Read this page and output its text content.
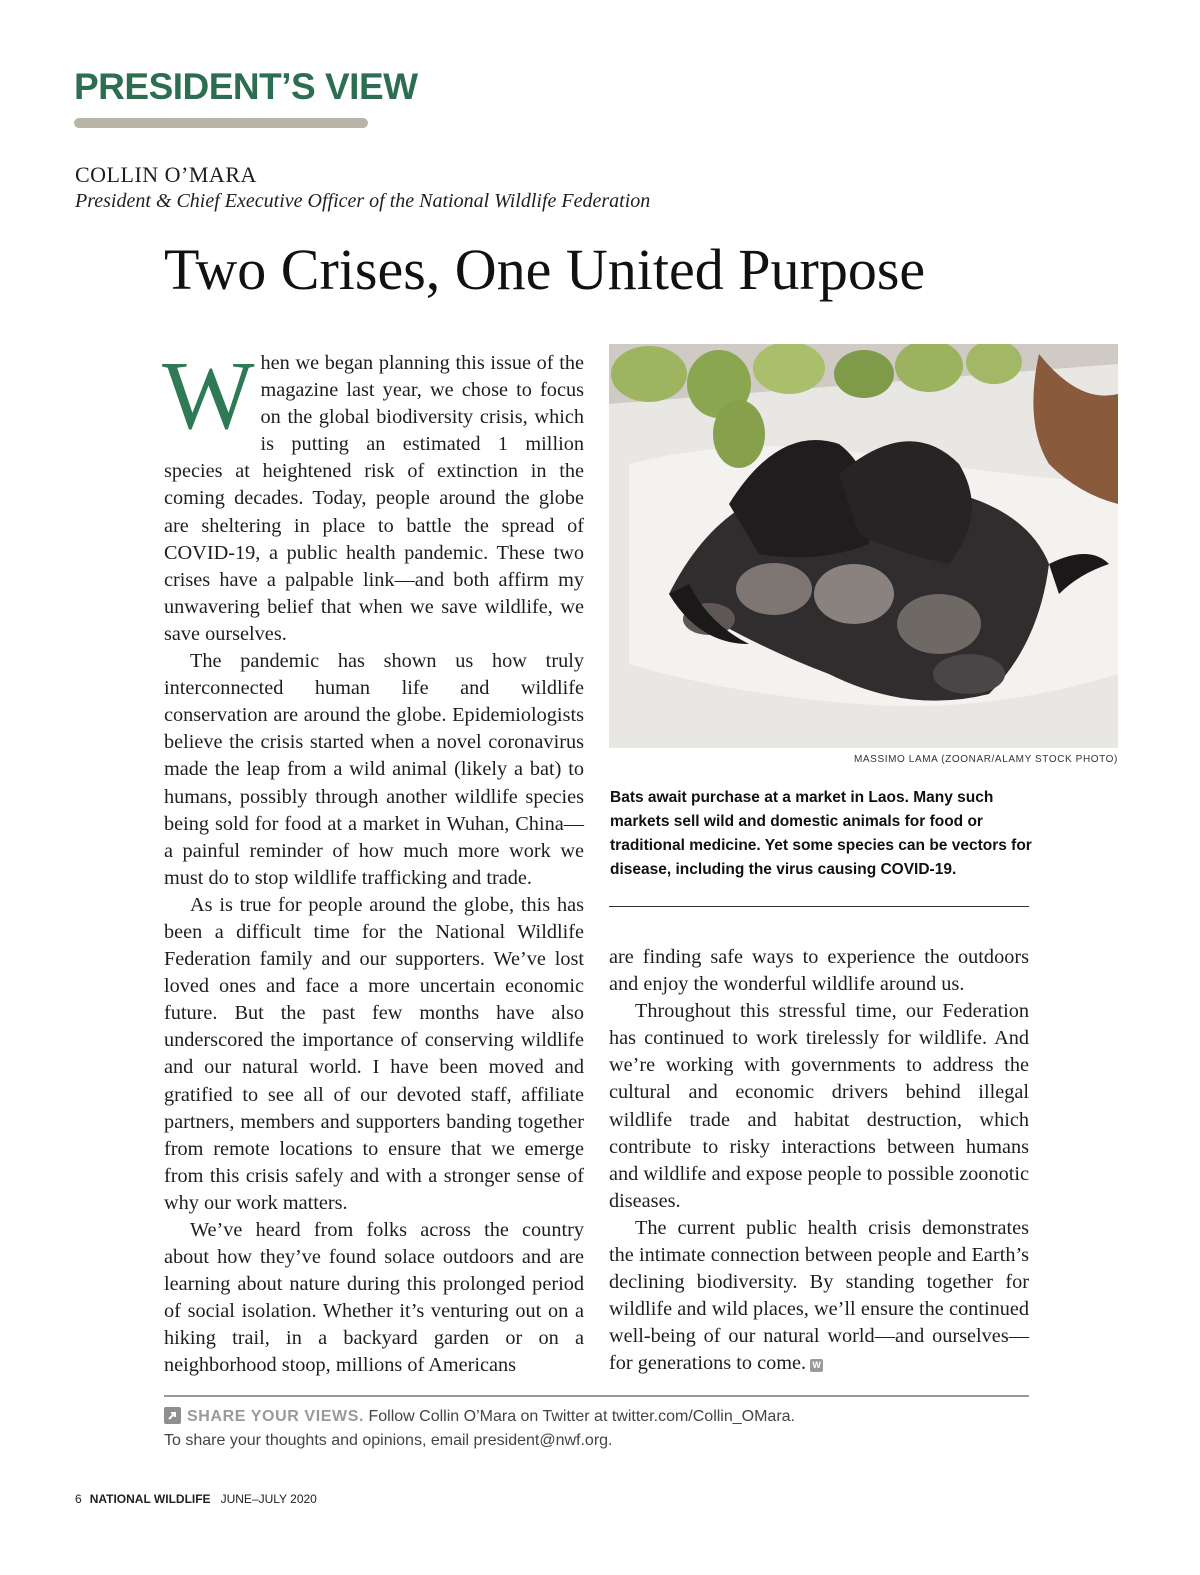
PRESIDENT’S VIEW
COLLIN O’MARA
President & Chief Executive Officer of the National Wildlife Federation
Two Crises, One United Purpose

When we began planning this issue of the magazine last year, we chose to focus on the global biodiversity crisis, which is putting an estimated 1 million species at heightened risk of extinction in the coming decades. Today, people around the globe are sheltering in place to battle the spread of COVID-19, a public health pandemic. These two crises have a palpable link—and both affirm my unwavering belief that when we save wildlife, we save ourselves.

The pandemic has shown us how truly interconnected human life and wildlife conservation are around the globe. Epidemiologists believe the crisis started when a novel coronavirus made the leap from a wild animal (likely a bat) to humans, possibly through another wildlife species being sold for food at a market in Wuhan, China—a painful reminder of how much more work we must do to stop wildlife trafficking and trade.

As is true for people around the globe, this has been a difficult time for the National Wildlife Federation family and our supporters. We’ve lost loved ones and face a more uncertain economic future. But the past few months have also underscored the importance of conserving wildlife and our natural world. I have been moved and gratified to see all of our devoted staff, affiliate partners, members and supporters banding together from remote locations to ensure that we emerge from this crisis safely and with a stronger sense of why our work matters.

We’ve heard from folks across the country about how they’ve found solace outdoors and are learning about nature during this prolonged period of social isolation. Whether it’s venturing out on a hiking trail, in a backyard garden or on a neighborhood stoop, millions of Americans

MASSIMO LAMA (ZOONAR/ALAMY STOCK PHOTO)
Bats await purchase at a market in Laos. Many such markets sell wild and domestic animals for food or traditional medicine. Yet some species can be vectors for disease, including the virus causing COVID-19.

are finding safe ways to experience the outdoors and enjoy the wonderful wildlife around us.

Throughout this stressful time, our Federation has continued to work tirelessly for wildlife. And we’re working with governments to address the cultural and economic drivers behind illegal wildlife trade and habitat destruction, which contribute to risky interactions between humans and wildlife and expose people to possible zoonotic diseases.

The current public health crisis demonstrates the intimate connection between people and Earth’s declining biodiversity. By standing together for wildlife and wild places, we’ll ensure the continued well-being of our natural world—and ourselves—for generations to come. W

SHARE YOUR VIEWS. Follow Collin O’Mara on Twitter at twitter.com/Collin_OMara.
To share your thoughts and opinions, email president@nwf.org.
6 NATIONAL WILDLIFE JUNE–JULY 2020
